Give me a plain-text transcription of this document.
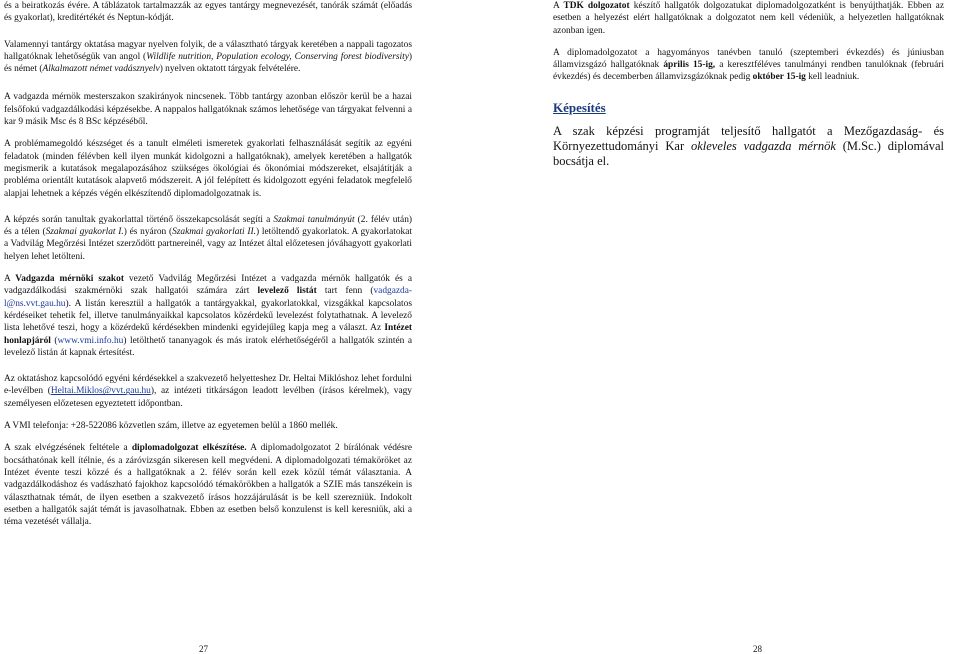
és a beiratkozás évére. A táblázatok tartalmazzák az egyes tantárgy megnevezését, tanórák számát (előadás és gyakorlat), kreditértékét és Neptun-kódját.

Valamennyi tantárgy oktatása magyar nyelven folyik, de a választható tárgyak keretében a nappali tagozatos hallgatóknak lehetőségük van angol (Wildlife nutrition, Population ecology, Conserving forest biodiversity) és német (Alkalmazott német vadásznyelv) nyelven oktatott tárgyak felvételére.

A vadgazda mérnök mesterszakon szakirányok nincsenek. Több tantárgy azonban először kerül be a hazai felsőfokú vadgazdálkodási képzésekbe. A nappalos hallgatóknak számos lehetősége van tárgyakat felvenni a kar 9 másik Msc és 8 BSc képzéséből.

A problémamegoldó készséget és a tanult elméleti ismeretek gyakorlati felhasználását segítik az egyéni feladatok (minden félévben kell ilyen munkát kidolgozni a hallgatóknak), amelyek keretében a hallgatók megismerik a kutatások megalapozásához szükséges ökológiai és ökonómiai módszereket, elsajátítják a probléma orientált kutatások alapvető módszereit. A jól felépített és kidolgozott egyéni feladatok megfelelő alapjai lehetnek a képzés végén elkészítendő diplomadolgozatnak is.

A képzés során tanultak gyakorlattal történő összekapcsolását segíti a Szakmai tanulmányút (2. félév után) és a télen (Szakmai gyakorlat I.) és nyáron (Szakmai gyakorlati II.) letöltendő gyakorlatok. A gyakorlatokat a Vadvilág Megőrzési Intézet szerződött partnereinél, vagy az Intézet által előzetesen jóváhagyott gyakorlati helyen lehet letölteni.

A Vadgazda mérnöki szakot vezető Vadvilág Megőrzési Intézet a vadgazda mérnök hallgatók és a vadgazdálkodási szakmérnöki szak hallgatói számára zárt levelező listát tart fenn (vadgazda-l@ns.vvt.gau.hu). A listán keresztül a hallgatók a tantárgyakkal, gyakorlatokkal, vizsgákkal kapcsolatos kérdéseiket tehetik fel, illetve tanulmányaikkal kapcsolatos közérdekű levelezést folytathatnak. A levelező lista lehetővé teszi, hogy a közérdekű kérdésekben mindenki egyidejűleg kapja meg a választ. Az Intézet honlapjáról (www.vmi.info.hu) letölthető tananyagok és más iratok elérhetőségéről a hallgatók szintén a levelező listán át kapnak értesítést.

Az oktatáshoz kapcsolódó egyéni kérdésekkel a szakvezető helyetteshez Dr. Heltai Miklóshoz lehet fordulni e-levélben (Heltai.Miklos@vvt.gau.hu), az intézeti titkárságon leadott levélben (írásos kérelmek), vagy személyesen előzetesen egyeztetett időpontban.

A VMI telefonja: +28-522086 közvetlen szám, illetve az egyetemen belül a 1860 mellék.

A szak elvégzésének feltétele a diplomadolgozat elkészítése. A diplomadolgozatot 2 bírálónak védésre bocsáthatónak kell ítélnie, és a záróvizsgán sikeresen kell megvédeni. A diplomadolgozati témaköröket az Intézet évente teszi közzé és a hallgatóknak a 2. félév során kell ezek közül témát választania. A vadgazdálkodáshoz és vadászható fajokhoz kapcsolódó témakörökben a hallgatók a SZIE más tanszékein is választhatnak témát, de ilyen esetben a szakvezető írásos hozzájárulását is be kell szerezniük. Indokolt esetben a hallgatók saját témát is javasolhatnak. Ebben az esetben belső konzulenst is kell keresniük, aki a téma vezetését vállalja.

A TDK dolgozatot készítő hallgatók dolgozatukat diplomadolgozatként is benyújthatják. Ebben az esetben a helyezést elért hallgatóknak a dolgozatot nem kell védeniük, a helyezetlen hallgatóknak azonban igen.

A diplomadolgozatot a hagyományos tanévben tanuló (szeptemberi évkezdés) és júniusban államvizsgázó hallgatóknak április 15-ig, a keresztféléves tanulmányi rendben tanulóknak (februári évkezdés) és decemberben államvizsgázóknak pedig október 15-ig kell leadniuk.

Képesítés

A szak képzési programját teljesítő hallgatót a Mezőgazdaság- és Környezettudományi Kar okleveles vadgazda mérnök (M.Sc.) diplomával bocsátja el.

27	28
